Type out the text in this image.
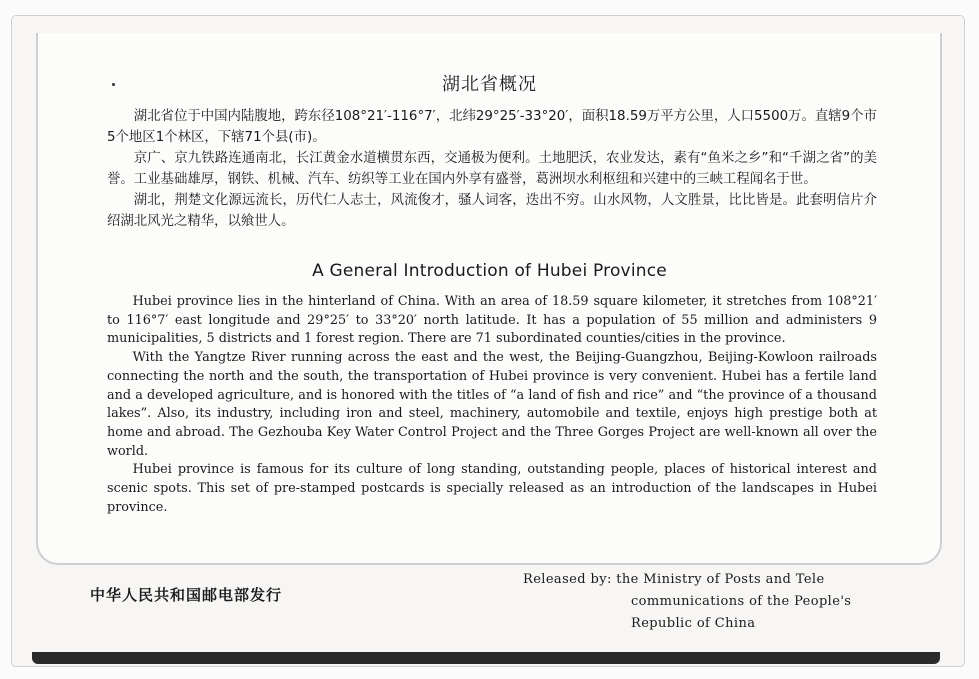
湖北省概况

湖北省位于中国内陆腹地，跨东径108°21′-116°7′，北纬29°25′-33°20′，面积18.59万平方公里，人口5500万。直辖9个市5个地区1个林区，下辖71个县(市)。

京广、京九铁路连通南北，长江黄金水道横贯东西，交通极为便利。土地肥沃，农业发达，素有“鱼米之乡”和“千湖之省”的美誉。工业基础雄厚，钢铁、机械、汽车、纺织等工业在国内外享有盛誉，葛洲坝水利枢纽和兴建中的三峡工程闻名于世。

湖北，荆楚文化源远流长，历代仁人志士，风流俊才，骚人词客，迭出不穷。山水风物，人文胜景，比比皆是。此套明信片介绍湖北风光之精华，以飨世人。

A General Introduction of Hubei Province

Hubei province lies in the hinterland of China. With an area of 18.59 square kilometer, it stretches from 108°21′ to 116°7′ east longitude and 29°25′ to 33°20′ north latitude. It has a population of 55 million and administers 9 municipalities, 5 districts and 1 forest region. There are 71 subordinated counties/cities in the province.

With the Yangtze River running across the east and the west, the Beijing-Guangzhou, Beijing-Kowloon railroads connecting the north and the south, the transportation of Hubei province is very convenient. Hubei has a fertile land and a developed agriculture, and is honored with the titles of “a land of fish and rice” and “the province of a thousand lakes”. Also, its industry, including iron and steel, machinery, automobile and textile, enjoys high prestige both at home and abroad. The Gezhouba Key Water Control Project and the Three Gorges Project are well-known all over the world.

Hubei province is famous for its culture of long standing, outstanding people, places of historical interest and scenic spots. This set of pre-stamped postcards is specially released as an introduction of the landscapes in Hubei province.

中华人民共和国邮电部发行
Released by: the Ministry of Posts and Tele
communications of the People's
Republic of China
